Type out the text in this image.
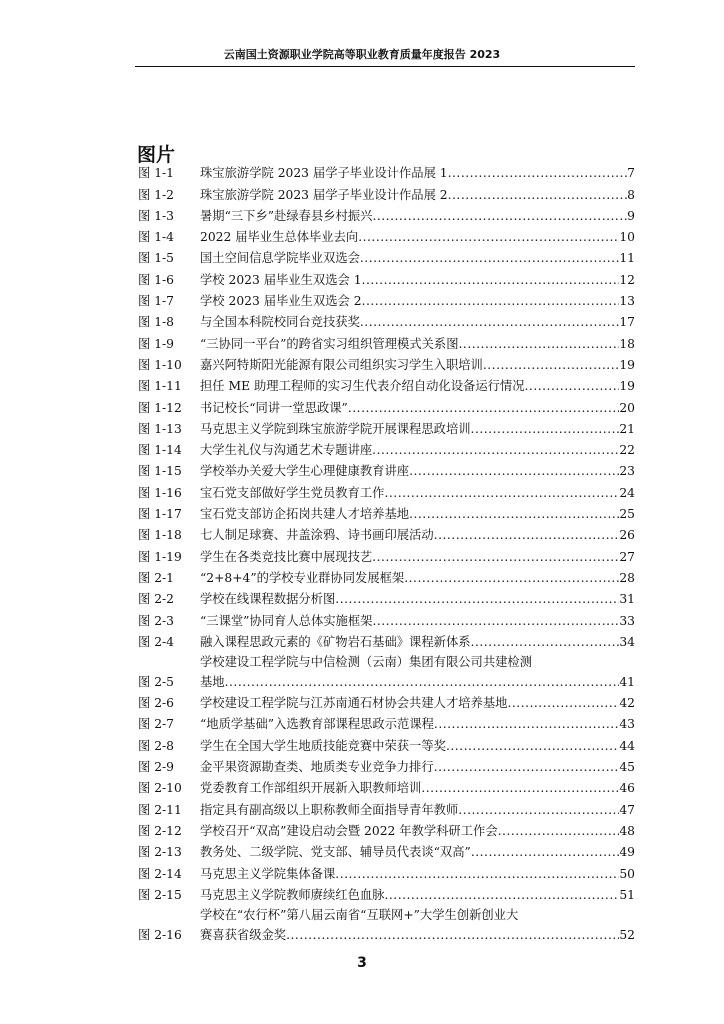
云南国土资源职业学院高等职业教育质量年度报告 2023
图片
图 1-1	珠宝旅游学院 2023 届学子毕业设计作品展 1 .....	7
图 1-2	珠宝旅游学院 2023 届学子毕业设计作品展 2 .....	8
图 1-3	暑期“三下乡”赴绿春县乡村振兴 .....	9
图 1-4	2022 届毕业生总体毕业去向 .....	10
图 1-5	国土空间信息学院毕业双选会 .....	11
图 1-6	学校 2023 届毕业生双选会 1 .....	12
图 1-7	学校 2023 届毕业生双选会 2 .....	13
图 1-8	与全国本科院校同台竞技获奖 .....	17
图 1-9	“三协同一平台”的跨省实习组织管理模式关系图 .....	18
图 1-10	嘉兴阿特斯阳光能源有限公司组织实习学生入职培训 .....	19
图 1-11	担任 ME 助理工程师的实习生代表介绍自动化设备运行情况 .....	19
图 1-12	书记校长“同讲一堂思政课” .....	20
图 1-13	马克思主义学院到珠宝旅游学院开展课程思政培训 .....	21
图 1-14	大学生礼仪与沟通艺术专题讲座 .....	22
图 1-15	学校举办关爱大学生心理健康教育讲座 .....	23
图 1-16	宝石党支部做好学生党员教育工作 .....	24
图 1-17	宝石党支部访企拓岗共建人才培养基地 .....	25
图 1-18	七人制足球赛、井盖涂鸦、诗书画印展活动 .....	26
图 1-19	学生在各类竞技比赛中展现技艺 .....	27
图 2-1	“2+8+4”的学校专业群协同发展框架 .....	28
图 2-2	学校在线课程数据分析图 .....	31
图 2-3	“三课堂”协同育人总体实施框架 .....	33
图 2-4	融入课程思政元素的《矿物岩石基础》课程新体系 .....	34
图 2-5
学校建设工程学院与中信检测（云南）集团有限公司共建检测
基地 .....	41
图 2-6	学校建设工程学院与江苏南通石材协会共建人才培养基地 .....	42
图 2-7	“地质学基础”入选教育部课程思政示范课程 .....	43
图 2-8	学生在全国大学生地质技能竞赛中荣获一等奖 .....	44
图 2-9	金平果资源勘查类、地质类专业竞争力排行 .....	45
图 2-10	党委教育工作部组织开展新入职教师培训 .....	46
图 2-11	指定具有副高级以上职称教师全面指导青年教师 .....	47
图 2-12	学校召开“双高”建设启动会暨 2022 年教学科研工作会 .....	48
图 2-13	教务处、二级学院、党支部、辅导员代表谈“双高” .....	49
图 2-14	马克思主义学院集体备课 .....	50
图 2-15	马克思主义学院教师赓续红色血脉 .....	51
图 2-16
学校在“农行杯”第八届云南省“互联网+”大学生创新创业大
赛喜获省级金奖 .....	52
3
